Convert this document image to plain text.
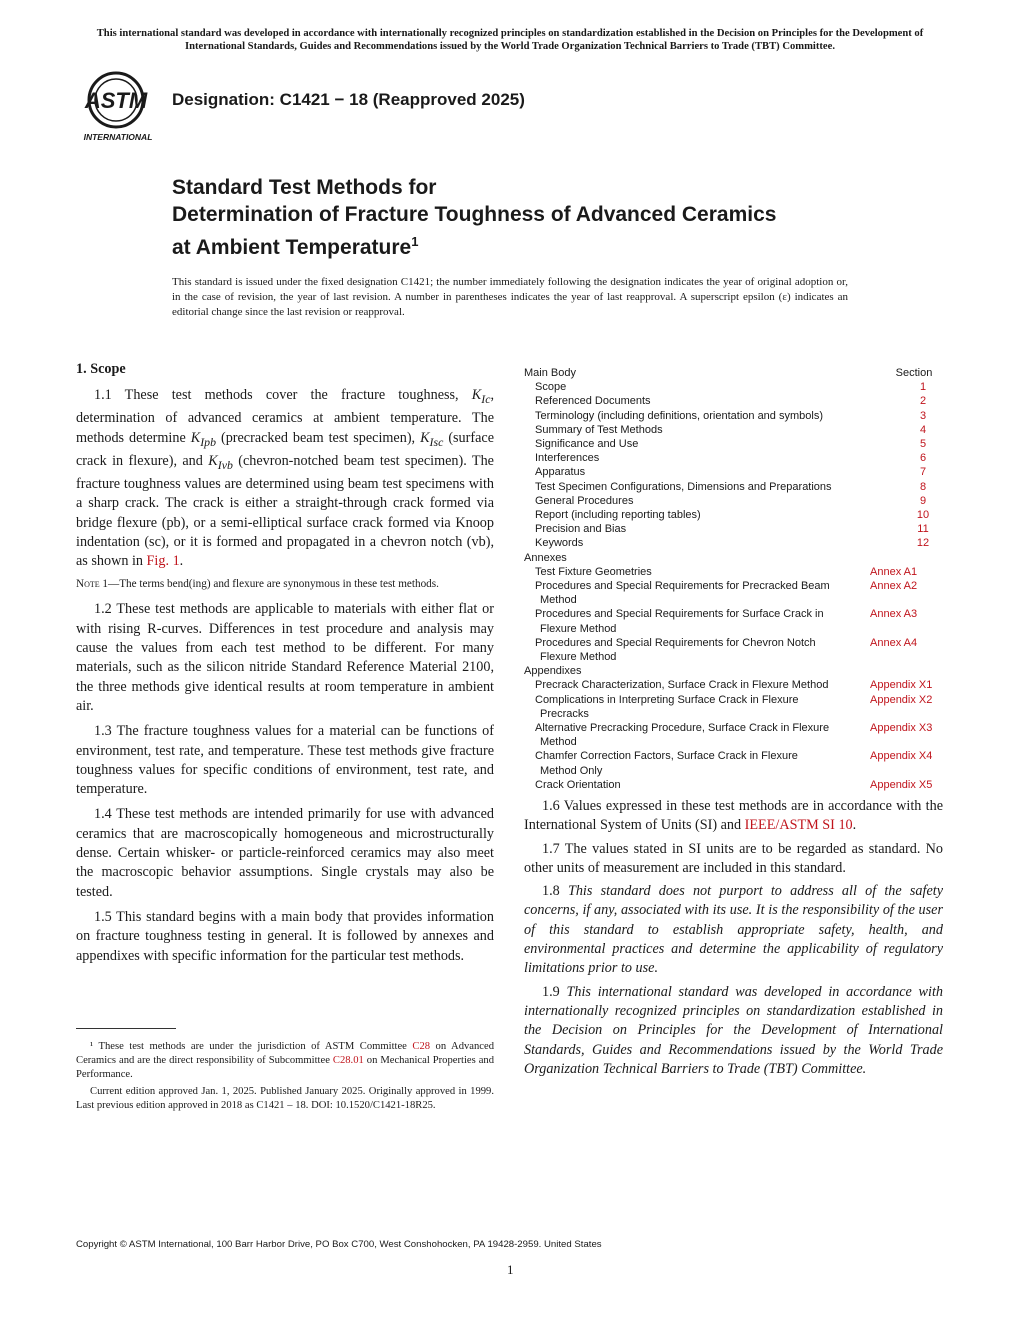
This international standard was developed in accordance with internationally recognized principles on standardization established in the Decision on Principles for the Development of International Standards, Guides and Recommendations issued by the World Trade Organization Technical Barriers to Trade (TBT) Committee.
ASTM
INTERNATIONAL
Designation: C1421 − 18 (Reapproved 2025)
Standard Test Methods for
Determination of Fracture Toughness of Advanced Ceramics
at Ambient Temperature$^1$
This standard is issued under the fixed designation C1421; the number immediately following the designation indicates the year of original adoption or, in the case of revision, the year of last revision. A number in parentheses indicates the year of last reapproval. A superscript epsilon (ε) indicates an editorial change since the last revision or reapproval.
1. Scope

1.1 These test methods cover the fracture toughness, $K_{Ic}$, determination of advanced ceramics at ambient temperature. The methods determine $K_{Ipb}$ (precracked beam test specimen), $K_{Isc}$ (surface crack in flexure), and $K_{Ivb}$ (chevron-notched beam test specimen). The fracture toughness values are determined using beam test specimens with a sharp crack. The crack is either a straight-through crack formed via bridge flexure (pb), or a semi-elliptical surface crack formed via Knoop indentation (sc), or it is formed and propagated in a chevron notch (vb), as shown in Fig. 1.

Note 1—The terms bend(ing) and flexure are synonymous in these test methods.

1.2 These test methods are applicable to materials with either flat or with rising R-curves. Differences in test procedure and analysis may cause the values from each test method to be different. For many materials, such as the silicon nitride Standard Reference Material 2100, the three methods give identical results at room temperature in ambient air.

1.3 The fracture toughness values for a material can be functions of environment, test rate, and temperature. These test methods give fracture toughness values for specific conditions of environment, test rate, and temperature.

1.4 These test methods are intended primarily for use with advanced ceramics that are macroscopically homogeneous and microstructurally dense. Certain whisker- or particle-reinforced ceramics may also meet the macroscopic behavior assumptions. Single crystals may also be tested.

1.5 This standard begins with a main body that provides information on fracture toughness testing in general. It is followed by annexes and appendixes with specific information for the particular test methods.

Main Body	Section
Scope	1
Referenced Documents	2
Terminology (including definitions, orientation and symbols)	3
Summary of Test Methods	4
Significance and Use	5
Interferences	6
Apparatus	7
Test Specimen Configurations, Dimensions and Preparations	8
General Procedures	9
Report (including reporting tables)	10
Precision and Bias	11
Keywords	12
Annexes
Test Fixture Geometries	Annex A1
Procedures and Special Requirements for Precracked Beam	Annex A2
Method
Procedures and Special Requirements for Surface Crack in	Annex A3
Flexure Method
Procedures and Special Requirements for Chevron Notch	Annex A4
Flexure Method
Appendixes
Precrack Characterization, Surface Crack in Flexure Method	Appendix X1
Complications in Interpreting Surface Crack in Flexure	Appendix X2
Precracks
Alternative Precracking Procedure, Surface Crack in Flexure	Appendix X3
Method
Chamfer Correction Factors, Surface Crack in Flexure	Appendix X4
Method Only
Crack Orientation	Appendix X5

1.6 Values expressed in these test methods are in accordance with the International System of Units (SI) and IEEE/ASTM SI 10.

1.7 The values stated in SI units are to be regarded as standard. No other units of measurement are included in this standard.

1.8 This standard does not purport to address all of the safety concerns, if any, associated with its use. It is the responsibility of the user of this standard to establish appropriate safety, health, and environmental practices and determine the applicability of regulatory limitations prior to use.

1.9 This international standard was developed in accordance with internationally recognized principles on standardization established in the Decision on Principles for the Development of International Standards, Guides and Recommendations issued by the World Trade Organization Technical Barriers to Trade (TBT) Committee.

¹ These test methods are under the jurisdiction of ASTM Committee C28 on Advanced Ceramics and are the direct responsibility of Subcommittee C28.01 on Mechanical Properties and Performance.

Current edition approved Jan. 1, 2025. Published January 2025. Originally approved in 1999. Last previous edition approved in 2018 as C1421 – 18. DOI: 10.1520/C1421-18R25.

Copyright © ASTM International, 100 Barr Harbor Drive, PO Box C700, West Conshohocken, PA 19428-2959. United States
1
